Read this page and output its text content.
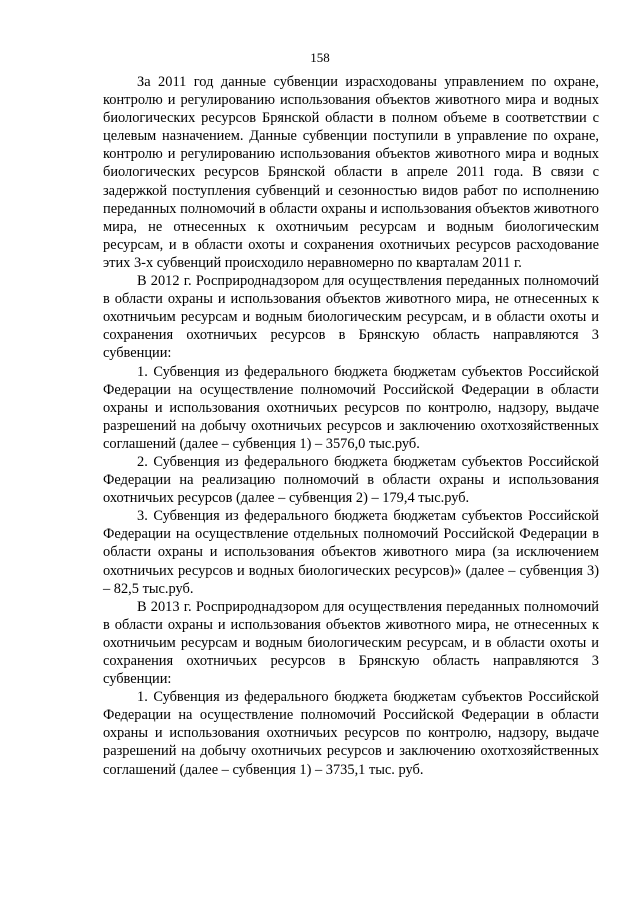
158

За 2011 год данные субвенции израсходованы управлением по охране, контролю и регулированию использования объектов животного мира и водных биологических ресурсов Брянской области в полном объеме в соответствии с целевым назначением. Данные субвенции поступили в управление по охране, контролю и регулированию использования объектов животного мира и водных биологических ресурсов Брянской области в апреле 2011 года. В связи с задержкой поступления субвенций и сезонностью видов работ по исполнению переданных полномочий в области охраны и использования объектов животного мира, не отнесенных к охотничьим ресурсам и водным биологическим ресурсам, и в области охоты и сохранения охотничьих ресурсов расходование этих 3-х субвенций происходило неравномерно по кварталам 2011 г.

В 2012 г. Росприроднадзором для осуществления переданных полномочий в области охраны и использования объектов животного мира, не отнесенных к охотничьим ресурсам и водным биологическим ресурсам, и в области охоты и сохранения охотничьих ресурсов в Брянскую область направляются 3 субвенции:

1. Субвенция из федерального бюджета бюджетам субъектов Российской Федерации на осуществление полномочий Российской Федерации в области охраны и использования охотничьих ресурсов по контролю, надзору, выдаче разрешений на добычу охотничьих ресурсов и заключению охотхозяйственных соглашений (далее – субвенция 1) – 3576,0 тыс.руб.

2. Субвенция из федерального бюджета бюджетам субъектов Российской Федерации на реализацию полномочий в области охраны и использования охотничьих ресурсов (далее – субвенция 2) – 179,4 тыс.руб.

3. Субвенция из федерального бюджета бюджетам субъектов Российской Федерации на осуществление отдельных полномочий Российской Федерации в области охраны и использования объектов животного мира (за исключением охотничьих ресурсов и водных биологических ресурсов)» (далее – субвенция 3) – 82,5 тыс.руб.

В 2013 г. Росприроднадзором для осуществления переданных полномочий в области охраны и использования объектов животного мира, не отнесенных к охотничьим ресурсам и водным биологическим ресурсам, и в области охоты и сохранения охотничьих ресурсов в Брянскую область направляются 3 субвенции:

1. Субвенция из федерального бюджета бюджетам субъектов Российской Федерации на осуществление полномочий Российской Федерации в области охраны и использования охотничьих ресурсов по контролю, надзору, выдаче разрешений на добычу охотничьих ресурсов и заключению охотхозяйственных соглашений (далее – субвенция 1) – 3735,1 тыс. руб.
